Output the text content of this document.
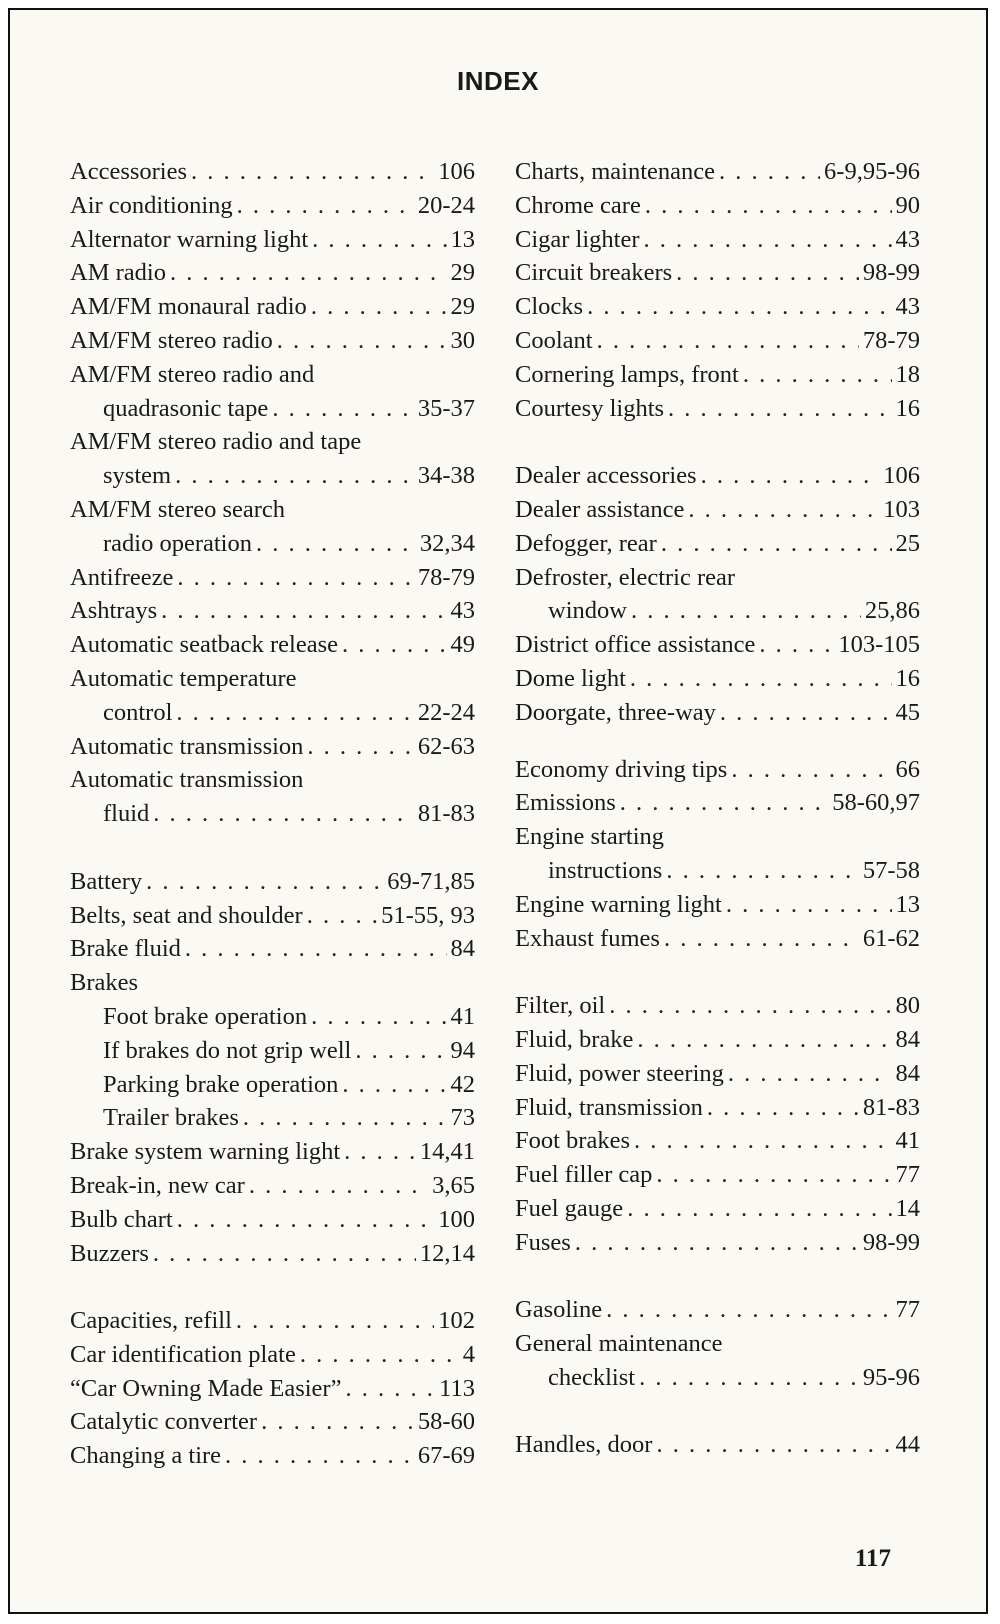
INDEX
Accessories . . .	106
Air conditioning . . .	20-24
Alternator warning light . . .	13
AM radio . . .	29
AM/FM monaural radio . . .	29
AM/FM stereo radio . . .	30
AM/FM stereo radio and
quadrasonic tape . . .	35-37
AM/FM stereo radio and tape
system . . .	34-38
AM/FM stereo search
radio operation . . .	32,34
Antifreeze . . .	78-79
Ashtrays . . .	43
Automatic seatback release . . .	49
Automatic temperature
control . . .	22-24
Automatic transmission . . .	62-63
Automatic transmission
fluid . . .	81-83
Battery . . .	69-71,85
Belts, seat and shoulder . . .	51-55, 93
Brake fluid . . .	84
Brakes
Foot brake operation . . .	41
If brakes do not grip well . . .	94
Parking brake operation . . .	42
Trailer brakes . . .	73
Brake system warning light . . .	14,41
Break-in, new car . . .	3,65
Bulb chart . . .	100
Buzzers . . .	12,14
Capacities, refill . . .	102
Car identification plate . . .	4
“Car Owning Made Easier” . . .	113
Catalytic converter . . .	58-60
Changing a tire . . .	67-69
Charts, maintenance . . .	6-9,95-96
Chrome care . . .	90
Cigar lighter . . .	43
Circuit breakers . . .	98-99
Clocks . . .	43
Coolant . . .	78-79
Cornering lamps, front . . .	18
Courtesy lights . . .	16
Dealer accessories . . .	106
Dealer assistance . . .	103
Defogger, rear . . .	25
Defroster, electric rear
window . . .	25,86
District office assistance . . .	103-105
Dome light . . .	16
Doorgate, three-way . . .	45
Economy driving tips . . .	66
Emissions . . .	58-60,97
Engine starting
instructions . . .	57-58
Engine warning light . . .	13
Exhaust fumes . . .	61-62
Filter, oil . . .	80
Fluid, brake . . .	84
Fluid, power steering . . .	84
Fluid, transmission . . .	81-83
Foot brakes . . .	41
Fuel filler cap . . .	77
Fuel gauge . . .	14
Fuses . . .	98-99
Gasoline . . .	77
General maintenance
checklist . . .	95-96
Handles, door . . .	44
117
